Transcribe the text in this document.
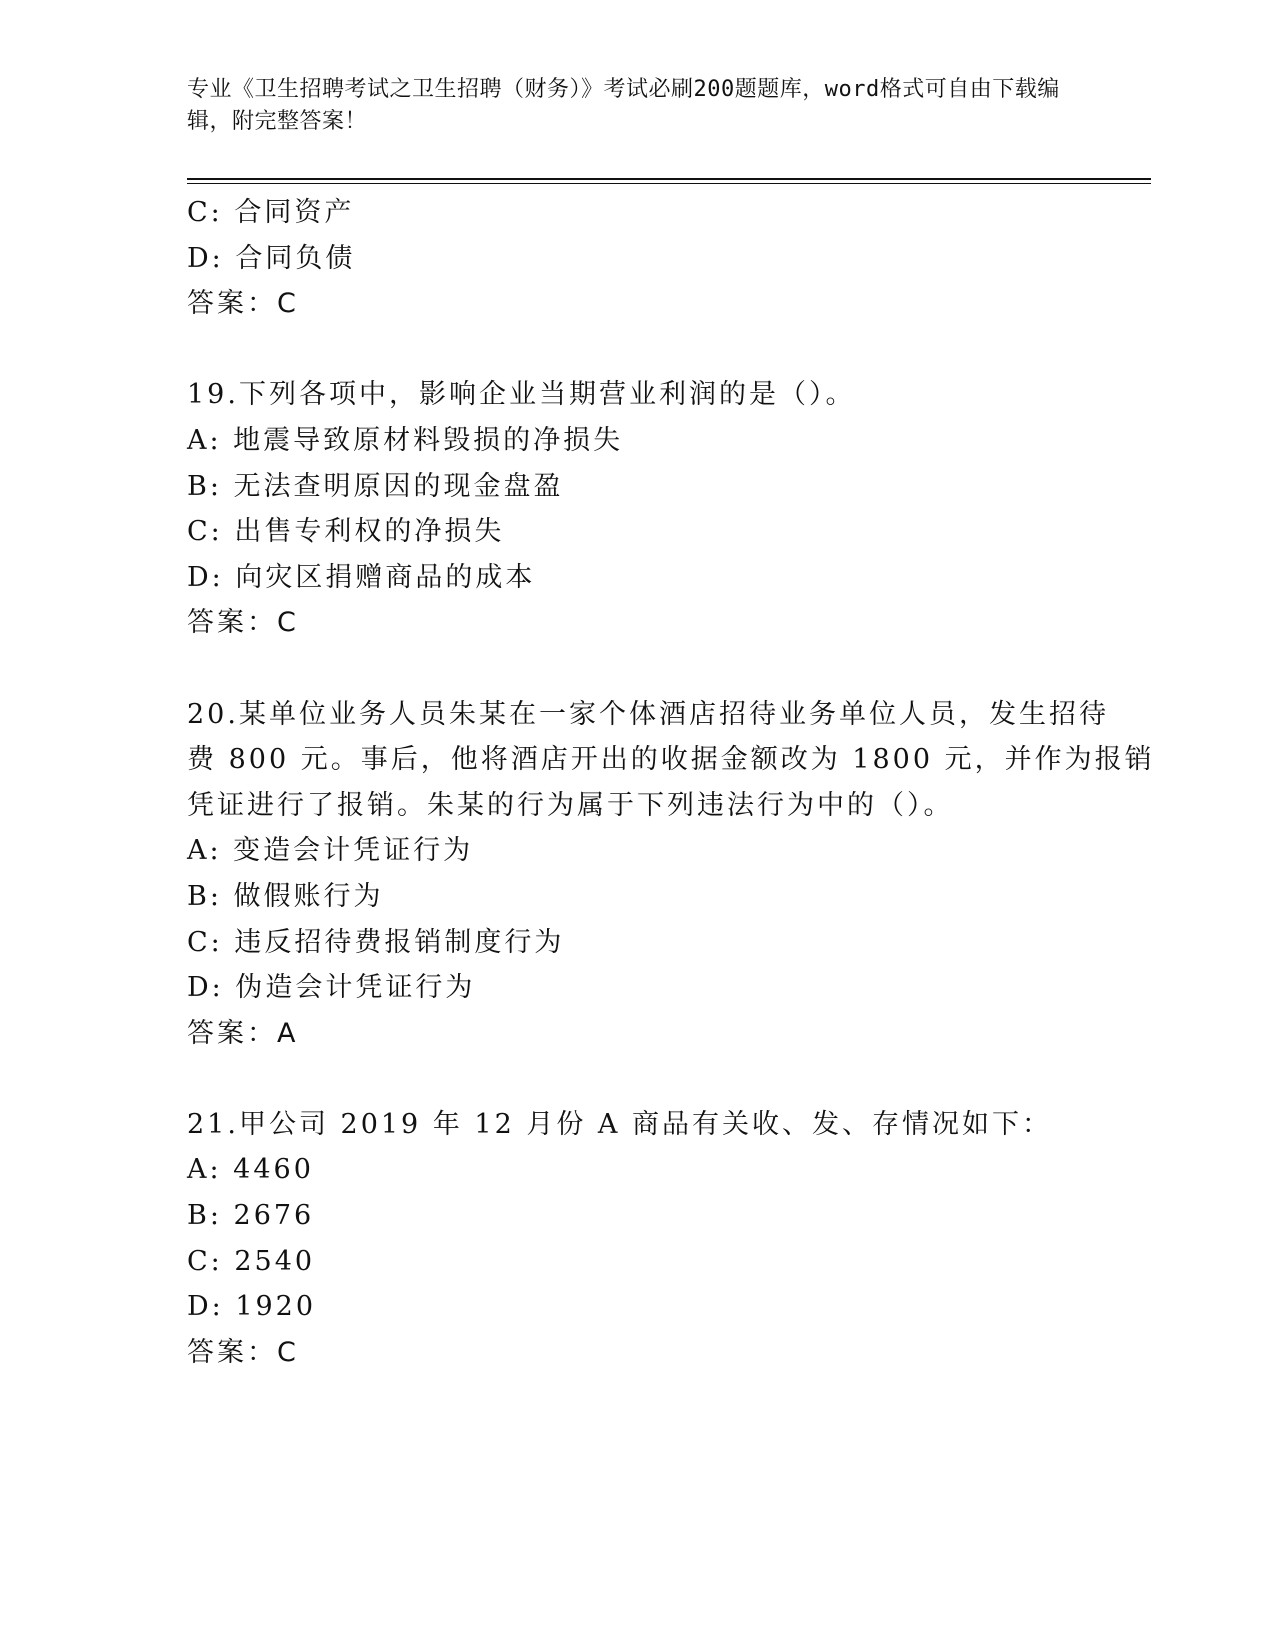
专业《卫生招聘考试之卫生招聘（财务）》考试必刷200题题库，word格式可自由下载编辑，附完整答案！
C: 合同资产
D: 合同负债
答案：C
19.下列各项中，影响企业当期营业利润的是（）。
A: 地震导致原材料毁损的净损失
B: 无法查明原因的现金盘盈
C: 出售专利权的净损失
D: 向灾区捐赠商品的成本
答案：C
20.某单位业务人员朱某在一家个体酒店招待业务单位人员，发生招待
费 800 元。事后，他将酒店开出的收据金额改为 1800 元，并作为报销
凭证进行了报销。朱某的行为属于下列违法行为中的（）。
A: 变造会计凭证行为
B: 做假账行为
C: 违反招待费报销制度行为
D: 伪造会计凭证行为
答案：A
21.甲公司 2019 年 12 月份 A 商品有关收、发、存情况如下：
A: 4460
B: 2676
C: 2540
D: 1920
答案：C
